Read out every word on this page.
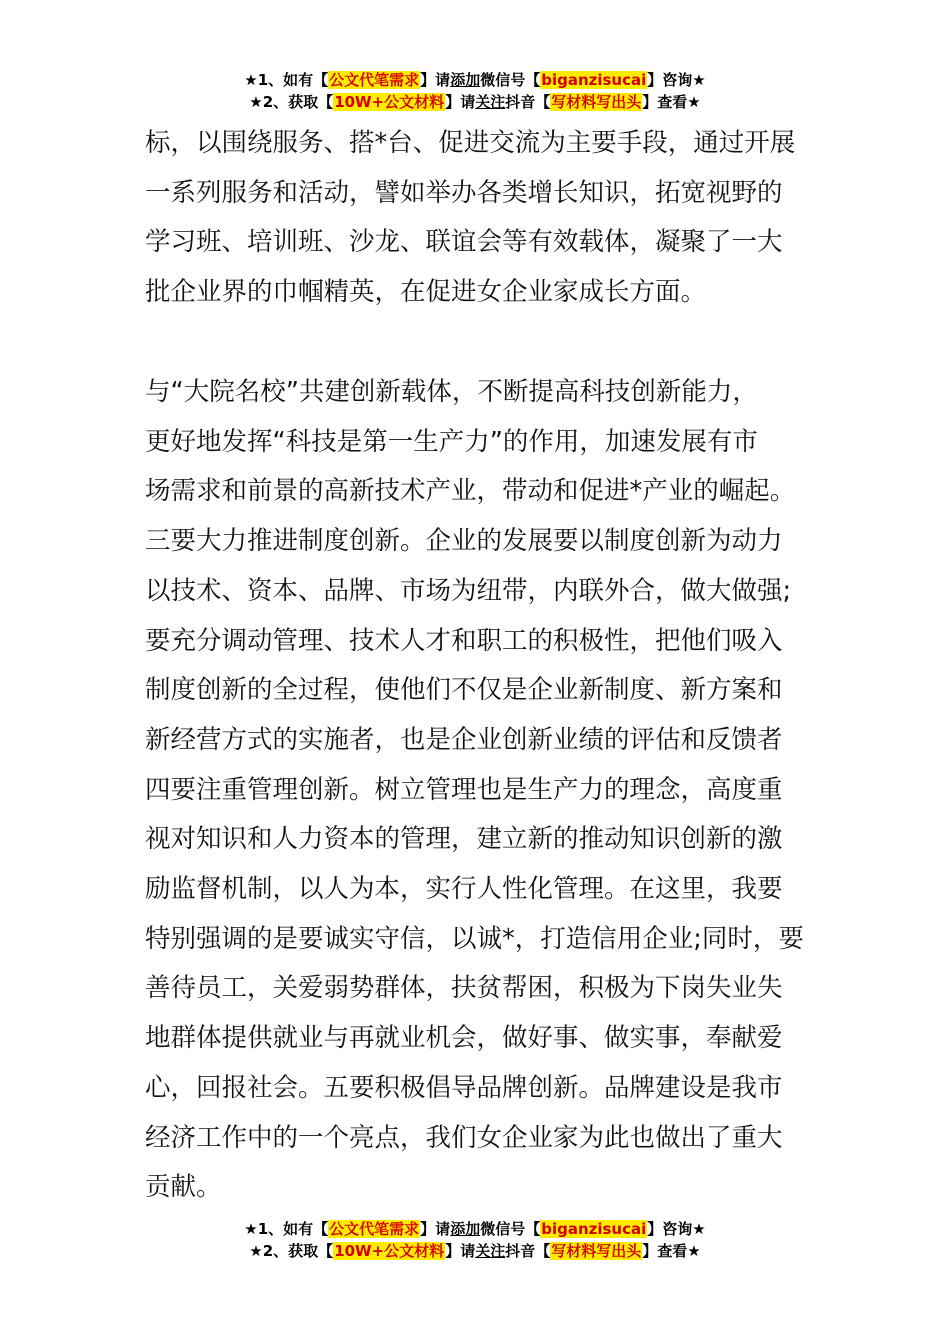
★1、如有【公文代笔需求】请添加微信号【biganzisucai】咨询★
★2、获取【10W+公文材料】请关注抖音【写材料写出头】查看★
标，以围绕服务、搭*台、促进交流为主要手段，通过开展
一系列服务和活动，譬如举办各类增长知识，拓宽视野的
学习班、培训班、沙龙、联谊会等有效载体，凝聚了一大
批企业界的巾帼精英，在促进女企业家成长方面。
与“大院名校”共建创新载体，不断提高科技创新能力，
更好地发挥“科技是第一生产力”的作用，加速发展有市
场需求和前景的高新技术产业，带动和促进*产业的崛起。
三要大力推进制度创新。企业的发展要以制度创新为动力
以技术、资本、品牌、市场为纽带，内联外合，做大做强;
要充分调动管理、技术人才和职工的积极性，把他们吸入
制度创新的全过程，使他们不仅是企业新制度、新方案和
新经营方式的实施者，也是企业创新业绩的评估和反馈者
四要注重管理创新。树立管理也是生产力的理念，高度重
视对知识和人力资本的管理，建立新的推动知识创新的激
励监督机制，以人为本，实行人性化管理。在这里，我要
特别强调的是要诚实守信，以诚*，打造信用企业;同时，要
善待员工，关爱弱势群体，扶贫帮困，积极为下岗失业失
地群体提供就业与再就业机会，做好事、做实事，奉献爱
心，回报社会。五要积极倡导品牌创新。品牌建设是我市
经济工作中的一个亮点，我们女企业家为此也做出了重大
贡献。
★1、如有【公文代笔需求】请添加微信号【biganzisucai】咨询★
★2、获取【10W+公文材料】请关注抖音【写材料写出头】查看★
